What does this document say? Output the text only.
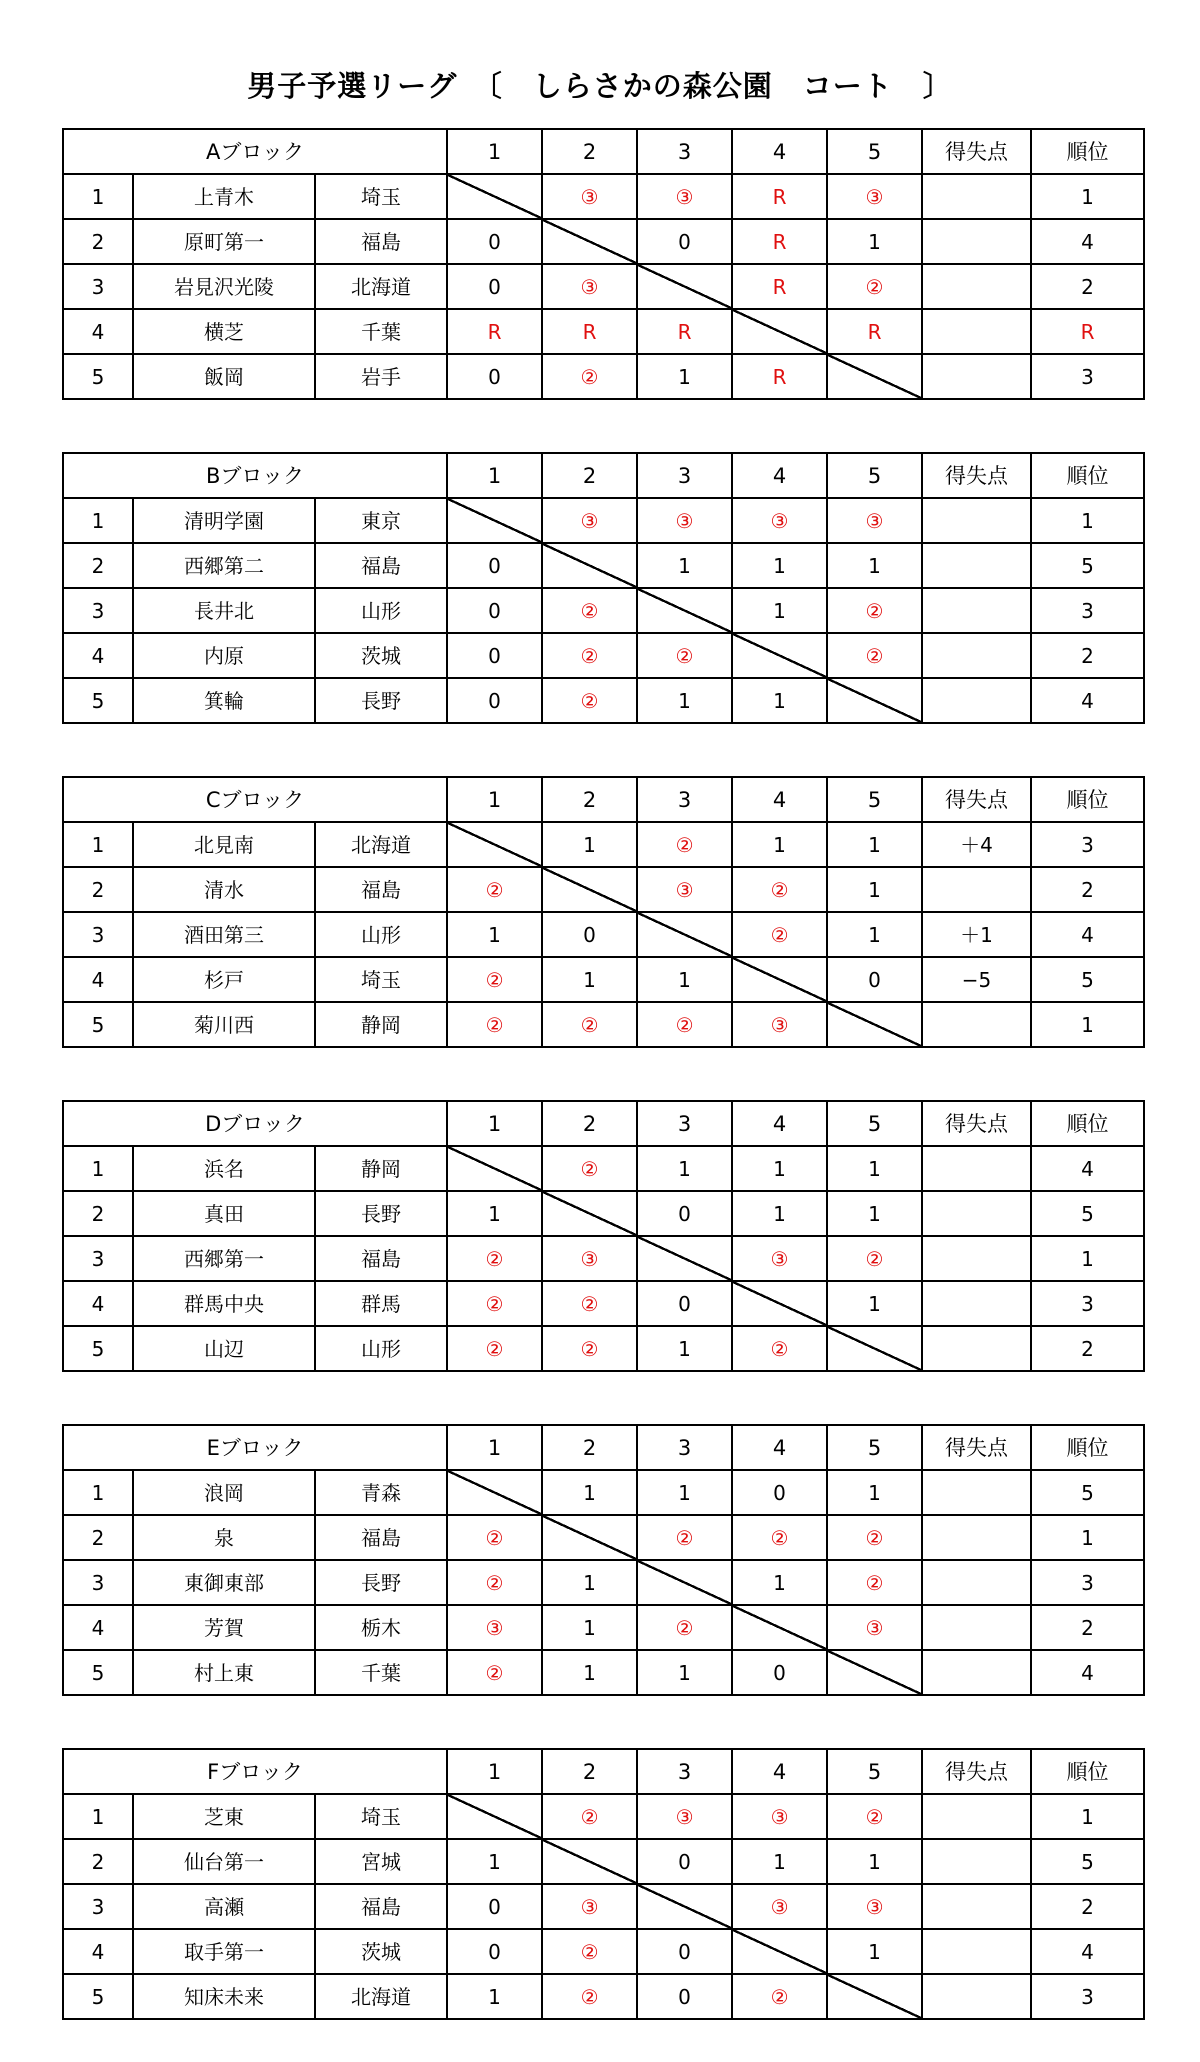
男子予選リーグ　〔　しらさかの森公園　コート　〕
Aブロック			1	2	3	4	5	得失点	順位
1	上青木	埼玉		③	③	R	③		1
2	原町第一	福島	0		0	R	1		4
3	岩見沢光陵	北海道	0	③		R	②		2
4	横芝	千葉	R	R	R		R		R
5	飯岡	岩手	0	②	1	R			3
Bブロック			1	2	3	4	5	得失点	順位
1	清明学園	東京		③	③	③	③		1
2	西郷第二	福島	0		1	1	1		5
3	長井北	山形	0	②		1	②		3
4	内原	茨城	0	②	②		②		2
5	箕輪	長野	0	②	1	1			4
Cブロック			1	2	3	4	5	得失点	順位
1	北見南	北海道		1	②	1	1	＋4	3
2	清水	福島	②		③	②	1		2
3	酒田第三	山形	1	0		②	1	＋1	4
4	杉戸	埼玉	②	1	1		0	−5	5
5	菊川西	静岡	②	②	②	③			1
Dブロック			1	2	3	4	5	得失点	順位
1	浜名	静岡		②	1	1	1		4
2	真田	長野	1		0	1	1		5
3	西郷第一	福島	②	③		③	②		1
4	群馬中央	群馬	②	②	0		1		3
5	山辺	山形	②	②	1	②			2
Eブロック			1	2	3	4	5	得失点	順位
1	浪岡	青森		1	1	0	1		5
2	泉	福島	②		②	②	②		1
3	東御東部	長野	②	1		1	②		3
4	芳賀	栃木	③	1	②		③		2
5	村上東	千葉	②	1	1	0			4
Fブロック			1	2	3	4	5	得失点	順位
1	芝東	埼玉		②	③	③	②		1
2	仙台第一	宮城	1		0	1	1		5
3	高瀬	福島	0	③		③	③		2
4	取手第一	茨城	0	②	0		1		4
5	知床未来	北海道	1	②	0	②			3
